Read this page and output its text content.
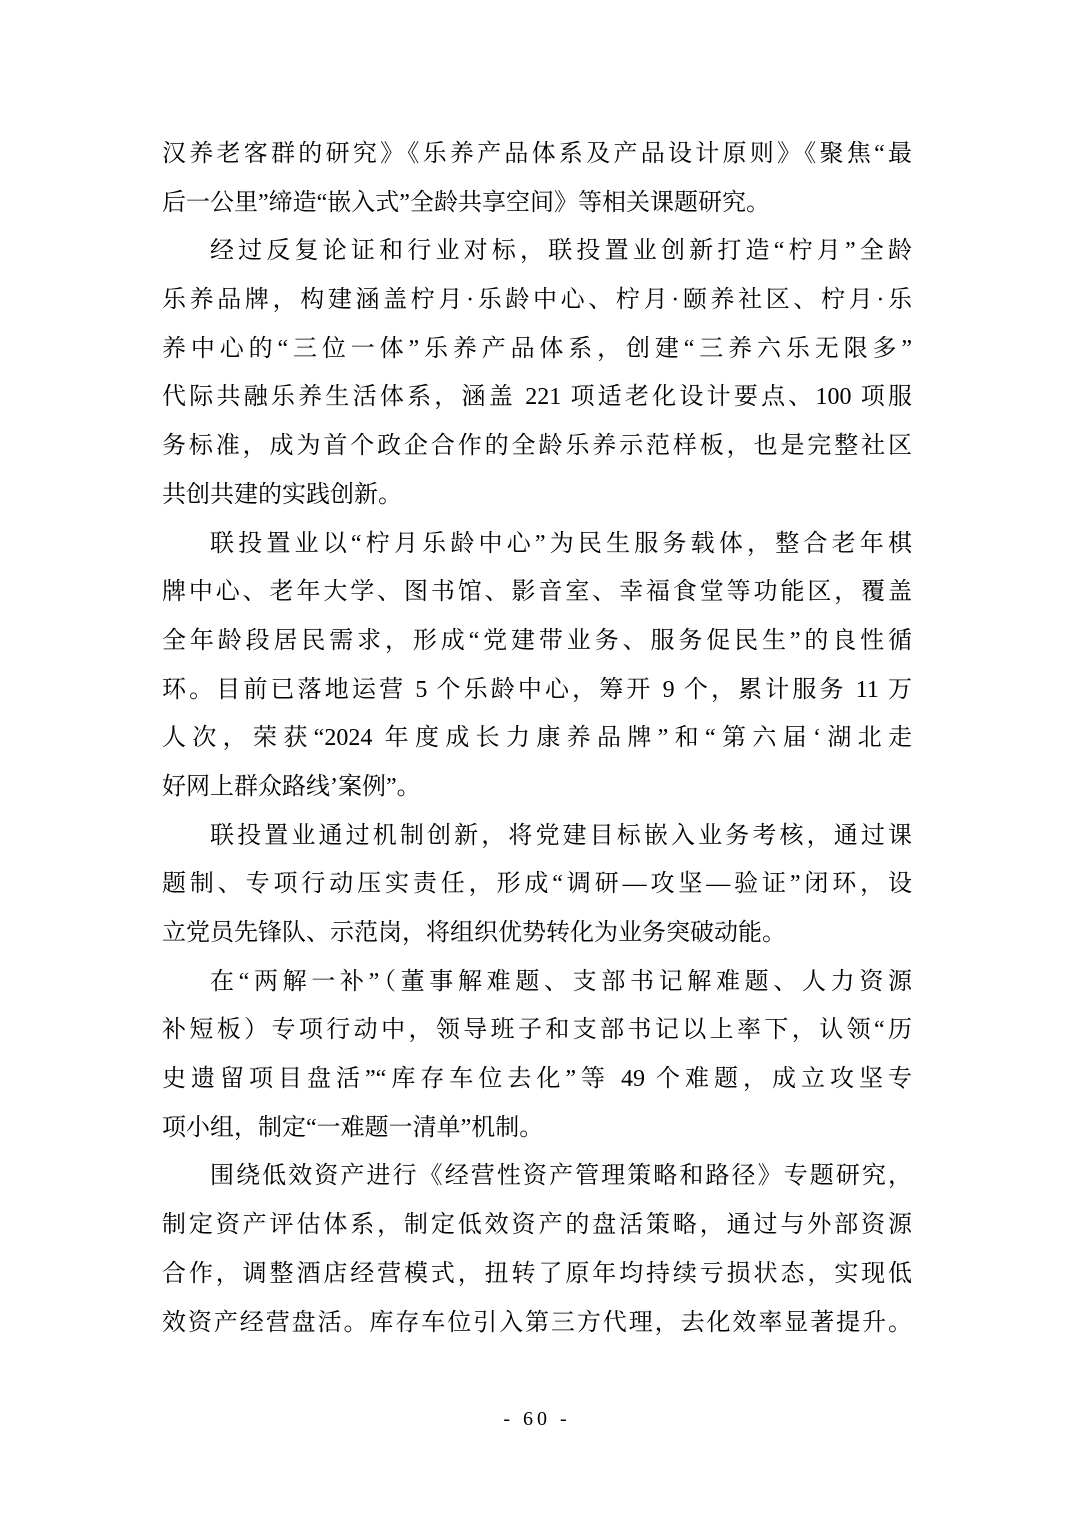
汉养老客群的研究》《乐养产品体系及产品设计原则》《聚焦“最
后一公里”缔造“嵌入式”全龄共享空间》等相关课题研究。
经过反复论证和行业对标，联投置业创新打造“柠月”全龄
乐养品牌，构建涵盖柠月·乐龄中心、柠月·颐养社区、柠月·乐
养中心的“三位一体”乐养产品体系，创建“三养六乐无限多”
代际共融乐养生活体系，涵盖 221 项适老化设计要点、100 项服
务标准，成为首个政企合作的全龄乐养示范样板，也是完整社区
共创共建的实践创新。
联投置业以“柠月乐龄中心”为民生服务载体，整合老年棋
牌中心、老年大学、图书馆、影音室、幸福食堂等功能区，覆盖
全年龄段居民需求，形成“党建带业务、服务促民生”的良性循
环。目前已落地运营 5 个乐龄中心，筹开 9 个，累计服务 11 万
人次，荣获“2024 年度成长力康养品牌”和“第六届‘湖北走
好网上群众路线’案例”。
联投置业通过机制创新，将党建目标嵌入业务考核，通过课
题制、专项行动压实责任，形成“调研—攻坚—验证”闭环，设
立党员先锋队、示范岗，将组织优势转化为业务突破动能。
在“两解一补”（董事解难题、支部书记解难题、人力资源
补短板）专项行动中，领导班子和支部书记以上率下，认领“历
史遗留项目盘活”“库存车位去化”等 49 个难题，成立攻坚专
项小组，制定“一难题一清单”机制。
围绕低效资产进行《经营性资产管理策略和路径》专题研究，
制定资产评估体系，制定低效资产的盘活策略，通过与外部资源
合作，调整酒店经营模式，扭转了原年均持续亏损状态，实现低
效资产经营盘活。库存车位引入第三方代理，去化效率显著提升。
- 60 -
